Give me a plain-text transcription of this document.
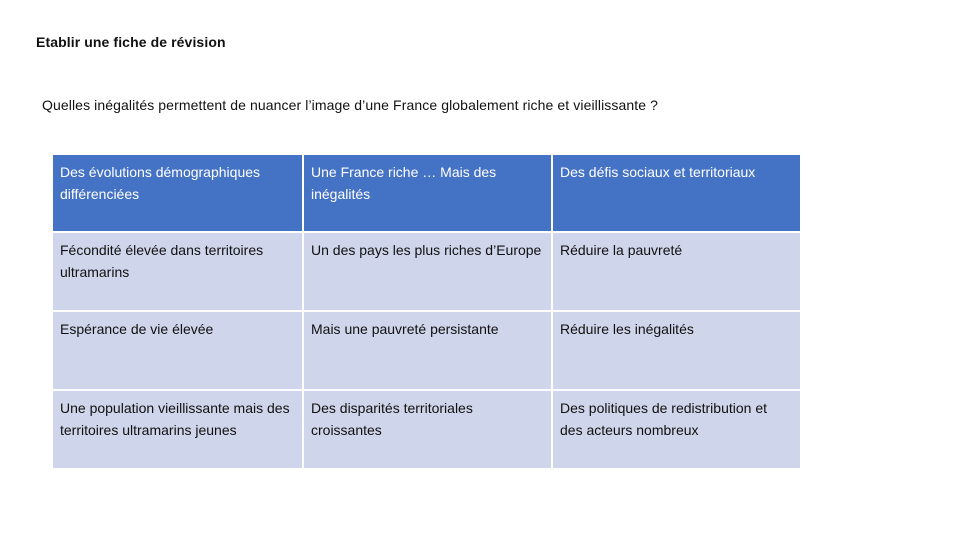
Etablir une fiche de révision
Quelles inégalités permettent de nuancer l’image d’une France globalement riche et vieillissante ?
Des évolutions démographiques différenciées	Une France riche … Mais des inégalités	Des défis sociaux et territoriaux
Fécondité élevée dans territoires ultramarins	Un des pays les plus riches d’Europe	Réduire la pauvreté
Espérance de vie élevée	Mais une pauvreté persistante	Réduire les inégalités
Une population vieillissante mais des territoires ultramarins jeunes	Des disparités territoriales croissantes	Des politiques de redistribution et des acteurs nombreux
